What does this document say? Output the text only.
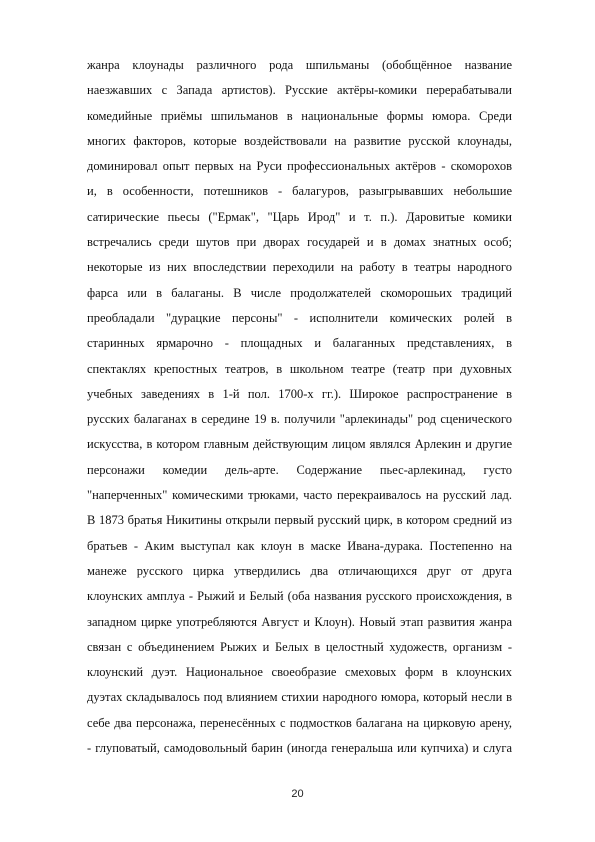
жанра клоунады различного рода шпильманы (обобщённое название
наезжавших с Запада артистов). Русские актёры-комики перерабатывали
комедийные приёмы шпильманов в национальные формы юмора. Среди
многих факторов, которые воздействовали на развитие русской клоунады,
доминировал опыт первых на Руси профессиональных актёров - скоморохов
и, в особенности, потешников - балагуров, разыгрывавших небольшие
сатирические пьесы ("Ермак", "Царь Ирод" и т. п.). Даровитые комики
встречались среди шутов при дворах государей и в домах знатных особ;
некоторые из них впоследствии переходили на работу в театры народного
фарса или в балаганы. В числе продолжателей скоморошьих традиций
преобладали "дурацкие персоны" - исполнители комических ролей в
старинных ярмарочно - площадных и балаганных представлениях, в
спектаклях крепостных театров, в школьном театре (театр при духовных
учебных заведениях в 1-й пол. 1700-х гг.). Широкое распространение в
русских балаганах в середине 19 в. получили "арлекинады" род сценического
искусства, в котором главным действующим лицом являлся Арлекин и другие
персонажи комедии дель-арте. Содержание пьес-арлекинад, густо
"наперченных" комическими трюками, часто перекраивалось на русский лад.
В 1873 братья Никитины открыли первый русский цирк, в котором средний из
братьев - Аким выступал как клоун в маске Ивана-дурака. Постепенно на
манеже русского цирка утвердились два отличающихся друг от друга
клоунских амплуа - Рыжий и Белый (оба названия русского происхождения, в
западном цирке употребляются Август и Клоун). Новый этап развития жанра
связан с объединением Рыжих и Белых в целостный художеств, организм -
клоунский дуэт. Национальное своеобразие смеховых форм в клоунских
дуэтах складывалось под влиянием стихии народного юмора, который несли в
себе два персонажа, перенесённых с подмостков балагана на цирковую арену,
- глуповатый, самодовольный барин (иногда генеральша или купчиха) и слуга
20
